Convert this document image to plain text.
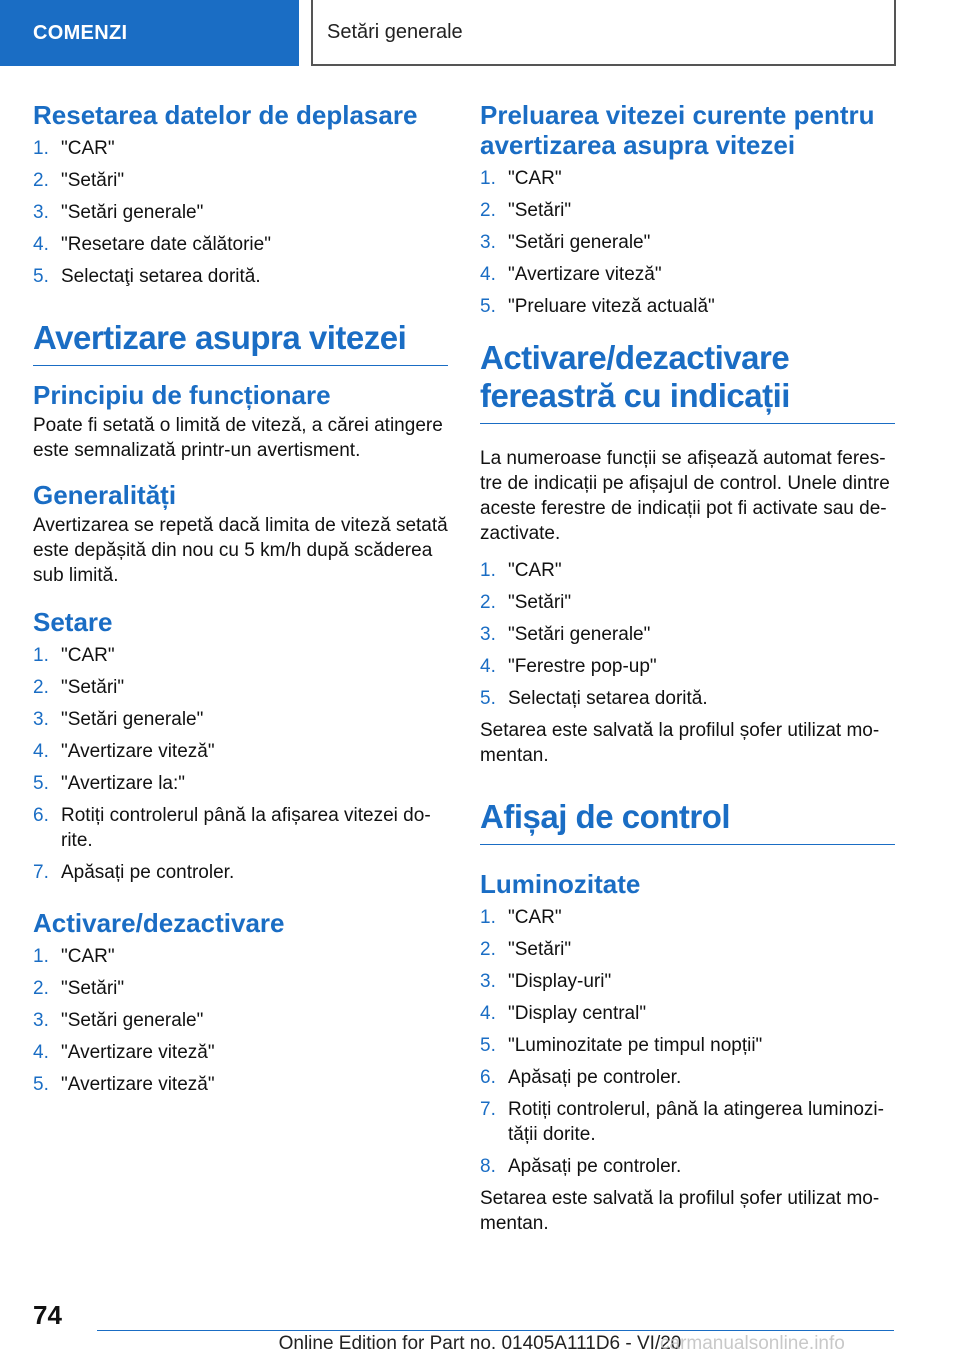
COMENZI	Setări generale
Resetarea datelor de deplasare
1. "CAR"
2. "Setări"
3. "Setări generale"
4. "Resetare date călătorie"
5. Selectaţi setarea dorită.
Avertizare asupra vitezei
Principiu de funcționare

Poate fi setată o limită de viteză, a cărei atingere este semnalizată printr-un avertisment.

Generalități

Avertizarea se repetă dacă limita de viteză setată este depășită din nou cu 5 km/h după scăderea sub limită.

Setare
1. "CAR"
2. "Setări"
3. "Setări generale"
4. "Avertizare viteză"
5. "Avertizare la:"
6. Rotiți controlerul până la afișarea vitezei dorite.
7. Apăsați pe controler.
Activare/dezactivare
1. "CAR"
2. "Setări"
3. "Setări generale"
4. "Avertizare viteză"
5. "Avertizare viteză"
Preluarea vitezei curente pentru avertizarea asupra vitezei
1. "CAR"
2. "Setări"
3. "Setări generale"
4. "Avertizare viteză"
5. "Preluare viteză actuală"
Activare/dezactivare fereastră cu indicații

La numeroase funcții se afișează automat ferestre de indicații pe afișajul de control. Unele dintre aceste ferestre de indicații pot fi activate sau dezactivate.

1. "CAR"
2. "Setări"
3. "Setări generale"
4. "Ferestre pop-up"
5. Selectați setarea dorită.

Setarea este salvată la profilul șofer utilizat momentan.

Afișaj de control
Luminozitate
1. "CAR"
2. "Setări"
3. "Display-uri"
4. "Display central"
5. "Luminozitate pe timpul nopții"
6. Apăsați pe controler.
7. Rotiți controlerul, până la atingerea luminozității dorite.
8. Apăsați pe controler.

Setarea este salvată la profilul șofer utilizat momentan.

74
Online Edition for Part no. 01405A111D6 - VI/20
carmanualsonline.info
